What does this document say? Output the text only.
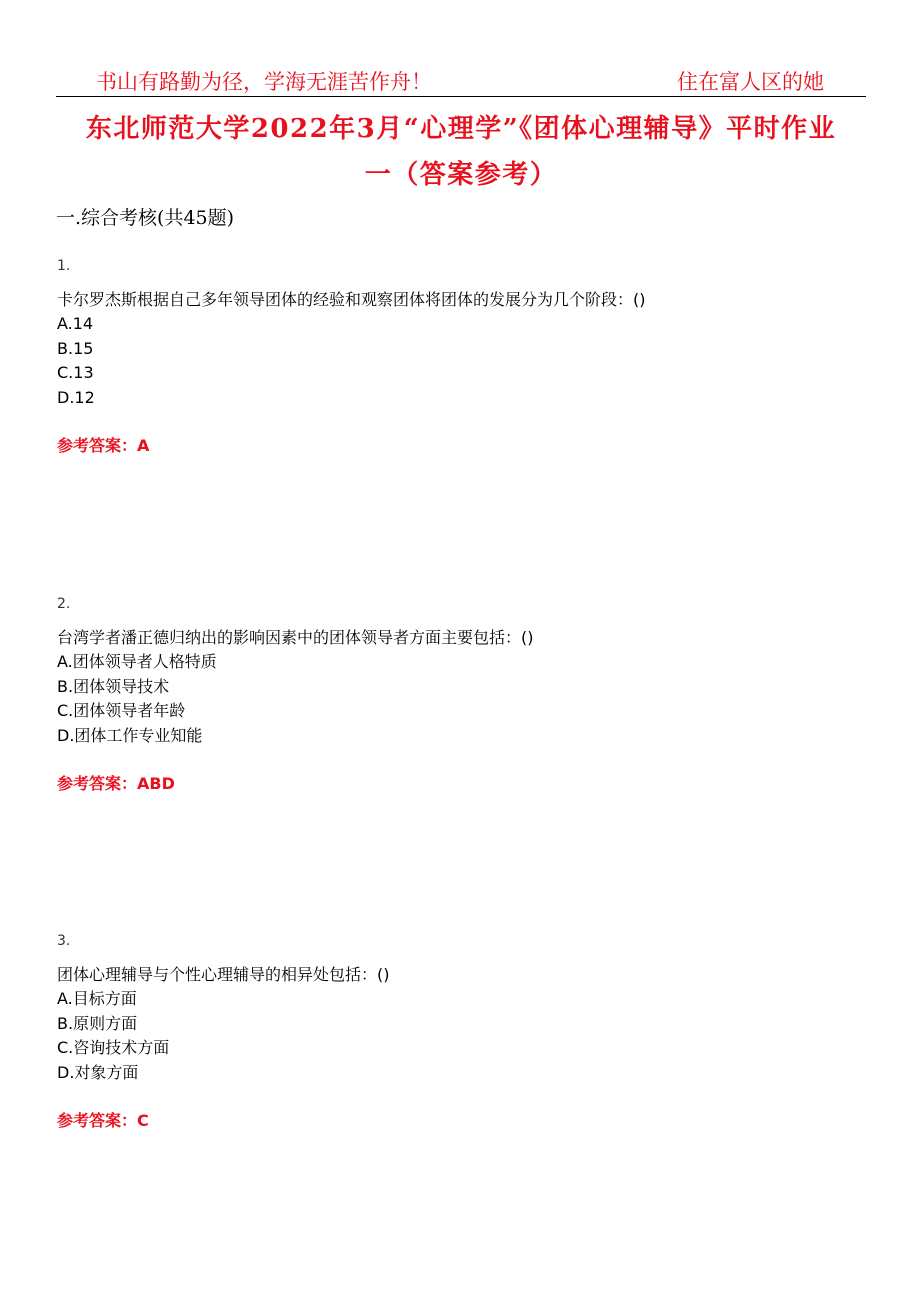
书山有路勤为径，学海无涯苦作舟！	住在富人区的她
东北师范大学2022年3月“心理学”《团体心理辅导》平时作业
一（答案参考）
一.综合考核(共45题)
1.
卡尔罗杰斯根据自己多年领导团体的经验和观察团体将团体的发展分为几个阶段：()
A.14
B.15
C.13
D.12
参考答案：A
2.
台湾学者潘正德归纳出的影响因素中的团体领导者方面主要包括：()
A.团体领导者人格特质
B.团体领导技术
C.团体领导者年龄
D.团体工作专业知能
参考答案：ABD
3.
团体心理辅导与个性心理辅导的相异处包括：()
A.目标方面
B.原则方面
C.咨询技术方面
D.对象方面
参考答案：C
